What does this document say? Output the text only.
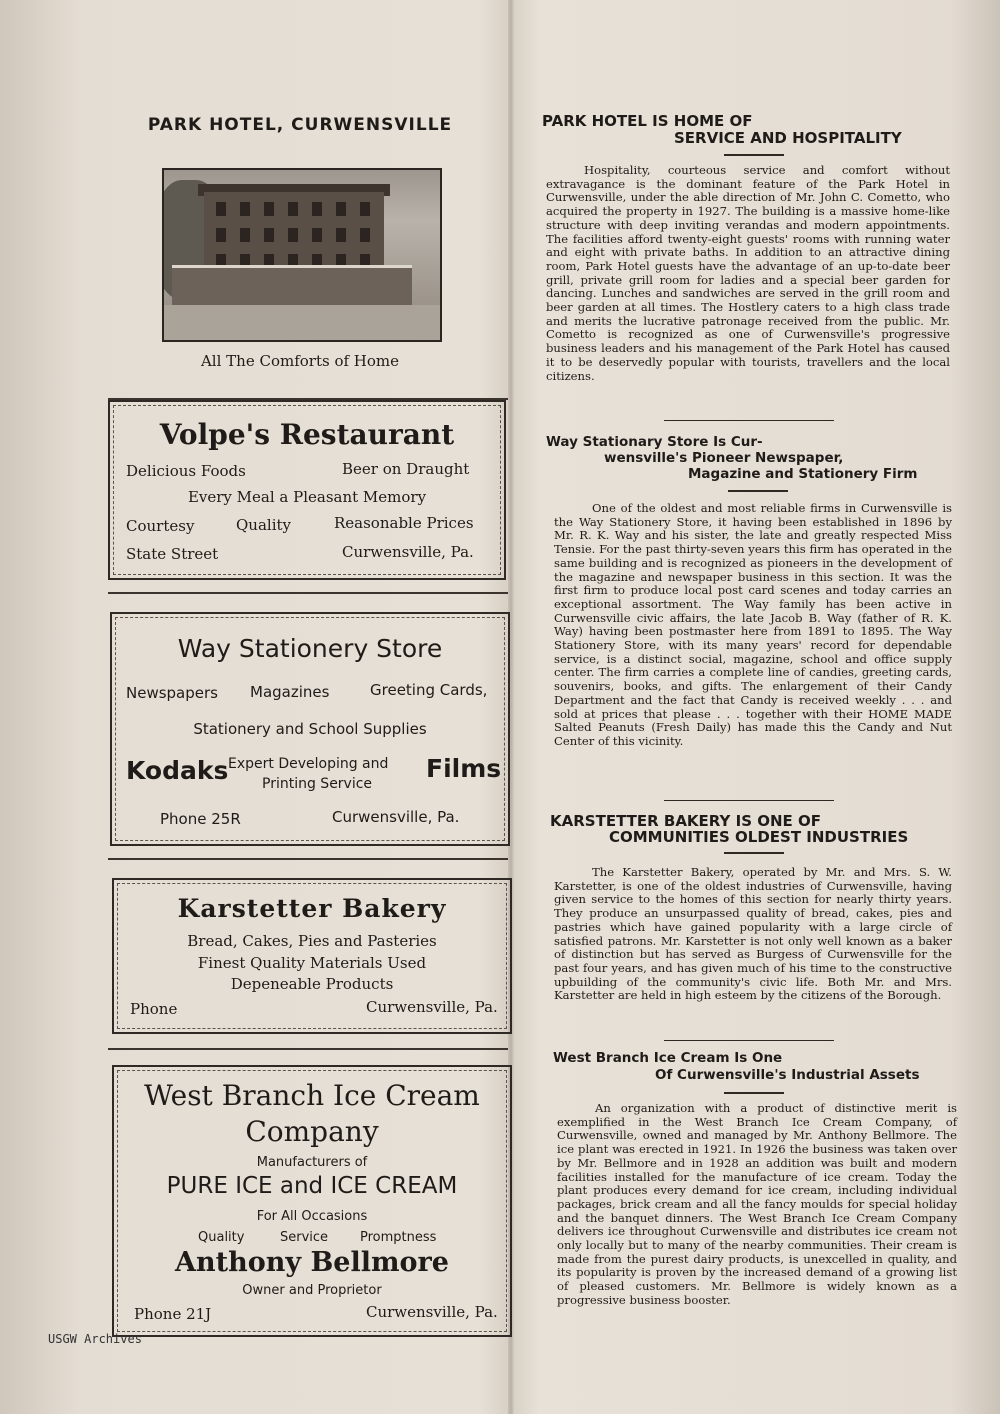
PARK HOTEL, CURWENSVILLE
All The Comforts of Home
Volpe's Restaurant
Delicious Foods	Beer on Draught
Every Meal a Pleasant Memory
Courtesy	Quality	Reasonable Prices
State Street	Curwensville, Pa.
Way Stationery Store
Newspapers Magazines	Greeting Cards,
Stationery and School Supplies
Kodaks Expert Developing and
Printing Service
Films
Phone 25R	Curwensville, Pa.
Karstetter Bakery
Bread, Cakes, Pies and Pasteries
Finest Quality Materials Used
Depeneable Products
Phone	Curwensville, Pa.
West Branch Ice Cream
Company
Manufacturers of
PURE ICE and ICE CREAM
For All Occasions
Quality	Service Promptness
Anthony Bellmore
Owner and Proprietor
Phone 21J	Curwensville, Pa.
PARK HOTEL IS HOME OF
SERVICE AND HOSPITALITY
Hospitality, courteous service and comfort without extravagance is the dominant feature of the Park Hotel in Curwensville, under the able direction of Mr. John C. Cometto, who acquired the property in 1927. The building is a massive home-like structure with deep inviting verandas and modern appointments. The facilities afford twenty-eight guests' rooms with running water and eight with private baths. In addition to an attractive dining room, Park Hotel guests have the advantage of an up-to-date beer grill, private grill room for ladies and a special beer garden for dancing. Lunches and sandwiches are served in the grill room and beer garden at all times. The Hostlery caters to a high class trade and merits the lucrative patronage received from the public. Mr. Cometto is recognized as one of Curwensville's progressive business leaders and his management of the Park Hotel has caused it to be deservedly popular with tourists, travellers and the local citizens.
Way Stationary Store Is Cur-
wensville's Pioneer Newspaper,
Magazine and Stationery Firm
One of the oldest and most reliable firms in Curwensville is the Way Stationery Store, it having been established in 1896 by Mr. R. K. Way and his sister, the late and greatly respected Miss Tensie. For the past thirty-seven years this firm has operated in the same building and is recognized as pioneers in the development of the magazine and newspaper business in this section. It was the first firm to produce local post card scenes and today carries an exceptional assortment. The Way family has been active in Curwensville civic affairs, the late Jacob B. Way (father of R. K. Way) having been postmaster here from 1891 to 1895. The Way Stationery Store, with its many years' record for dependable service, is a distinct social, magazine, school and office supply center. The firm carries a complete line of candies, greeting cards, souvenirs, books, and gifts. The enlargement of their Candy Department and the fact that Candy is received weekly . . . and sold at prices that please . . . together with their HOME MADE Salted Peanuts (Fresh Daily) has made this the Candy and Nut Center of this vicinity.
KARSTETTER BAKERY IS ONE OF
COMMUNITIES OLDEST INDUSTRIES
The Karstetter Bakery, operated by Mr. and Mrs. S. W. Karstetter, is one of the oldest industries of Curwensville, having given service to the homes of this section for nearly thirty years. They produce an unsurpassed quality of bread, cakes, pies and pastries which have gained popularity with a large circle of satisfied patrons. Mr. Karstetter is not only well known as a baker of distinction but has served as Burgess of Curwensville for the past four years, and has given much of his time to the constructive upbuilding of the community's civic life. Both Mr. and Mrs. Karstetter are held in high esteem by the citizens of the Borough.
West Branch Ice Cream Is One
Of Curwensville's Industrial Assets
An organization with a product of distinctive merit is exemplified in the West Branch Ice Cream Company, of Curwensville, owned and managed by Mr. Anthony Bellmore. The ice plant was erected in 1921. In 1926 the business was taken over by Mr. Bellmore and in 1928 an addition was built and modern facilities installed for the manufacture of ice cream. Today the plant produces every demand for ice cream, including individual packages, brick cream and all the fancy moulds for special holiday and the banquet dinners. The West Branch Ice Cream Company delivers ice throughout Curwensville and distributes ice cream not only locally but to many of the nearby communities. Their cream is made from the purest dairy products, is unexcelled in quality, and its popularity is proven by the increased demand of a growing list of pleased customers. Mr. Bellmore is widely known as a progressive business booster.
USGW Archives
